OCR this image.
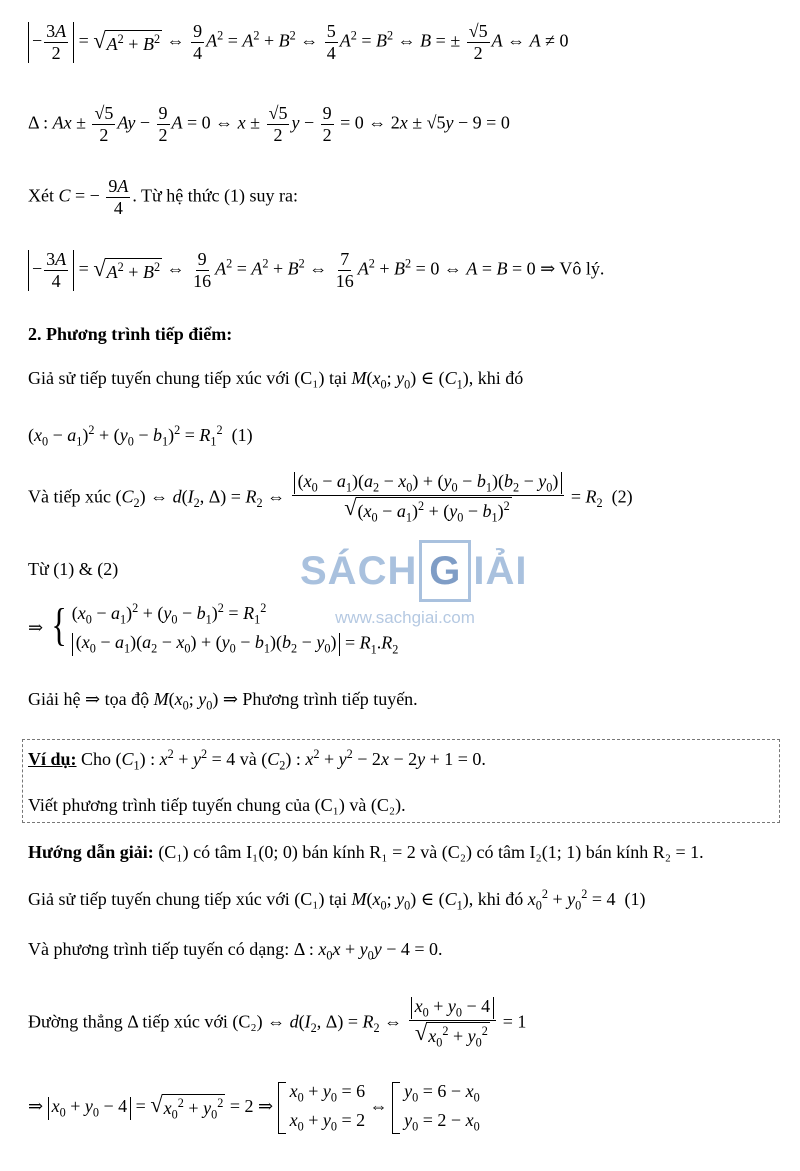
− $\frac{3A}{2}$ = √ $A^2 + B^2$ ⇔ $\frac{9}{4} A^2 = A^2 + B^2$ ⇔ $\frac{5}{4} A^2 = B^2$ ⇔ B = ± $\frac{√5}{2}$ A ⇔ A ≠ 0
Δ : $Ax \pm \frac{√5}{2}$ $Ay - \frac{9}{2}$ A = 0 ⇔ $x \pm \frac{√5}{2}$ $y - \frac{9}{2} = 0$ ⇔ 2x ± √5y − 9 = 0
Xét C = − $\frac{9A}{4}$ . Từ hệ thức (1) suy ra:
− $\frac{3A}{4}$ = √ $A^2 + B^2$ ⇔ $\frac{9}{16} A^2 = A^2 + B^2$ ⇔ $\frac{7}{16} A^2 + B^2 = 0$ ⇔ A = B = 0 ⇒ Vô lý.
2. Phương trình tiếp điểm:
Giả sử tiếp tuyến chung tiếp xúc với (C₁) tại $M(x_0$; $y_0$) ∈ $(C_1)$, khi đó
$(x_0 - a_1)^2 + (y_0 - b_1)^2 = R_1^2$ (1)
Và tiếp xúc $(C_2)$ ⇔ $d(I_2$, $\Delta) = R_2$ ⇔ $\frac{(x_0 - a_1)(a_2 - x_0) + (y_0 - b_1)(b_2 - y_0)}{√ (x_0 - a_1)^2 + (y_0 - b_1)^2} = R_2$ (2)
Từ (1) & (2)
⇒ { $(x_0 - a_1)^2 + (y_0 - b_1)^2 = R_1^2$
$(x_0 - a_1)(a_2 - x_0) + (y_0 - b_1)(b_2 - y_0) = R_1.R_2$
Giải hệ ⇒ tọa độ $M(x_0$; $y_0$) ⇒ Phương trình tiếp tuyến.
SÁCH G IẢI
www.sachgiai.com
Ví dụ: Cho $(C_1)$ : $x^2 + y^2 = 4$ và $(C_2)$ : $x^2 + y^2 - 2x - 2y + 1 = 0$.
Viết phương trình tiếp tuyến chung của (C₁) và (C₂).
Hướng dẫn giải: (C₁) có tâm I₁(0; 0) bán kính R₁ = 2 và (C₂) có tâm I₂(1; 1) bán kính R₂ = 1.
Giả sử tiếp tuyến chung tiếp xúc với (C₁) tại $M(x_0$; $y_0$) ∈ $(C_1)$, khi đó $x_0^2 + y_0^2 = 4$  (1)
Và phương trình tiếp tuyến có dạng: Δ : $x_0x + y_0y - 4 = 0$.
Đường thẳng Δ tiếp xúc với (C₂) ⇔ $d(I_2$, $\Delta) = R_2$ ⇔ $\frac{x_0 + y_0 - 4}{√ x_0^2 + y_0^2} = 1$
⇒ $x_0 + y_0 - 4$ = √ $x_0^2 + y_0^2 = 2$ ⇒
$x_0 + y_0 = 6$
$x_0 + y_0 = 2$
⇔
$y_0 = 6 - x_0$
$y_0 = 2 - x_0$
